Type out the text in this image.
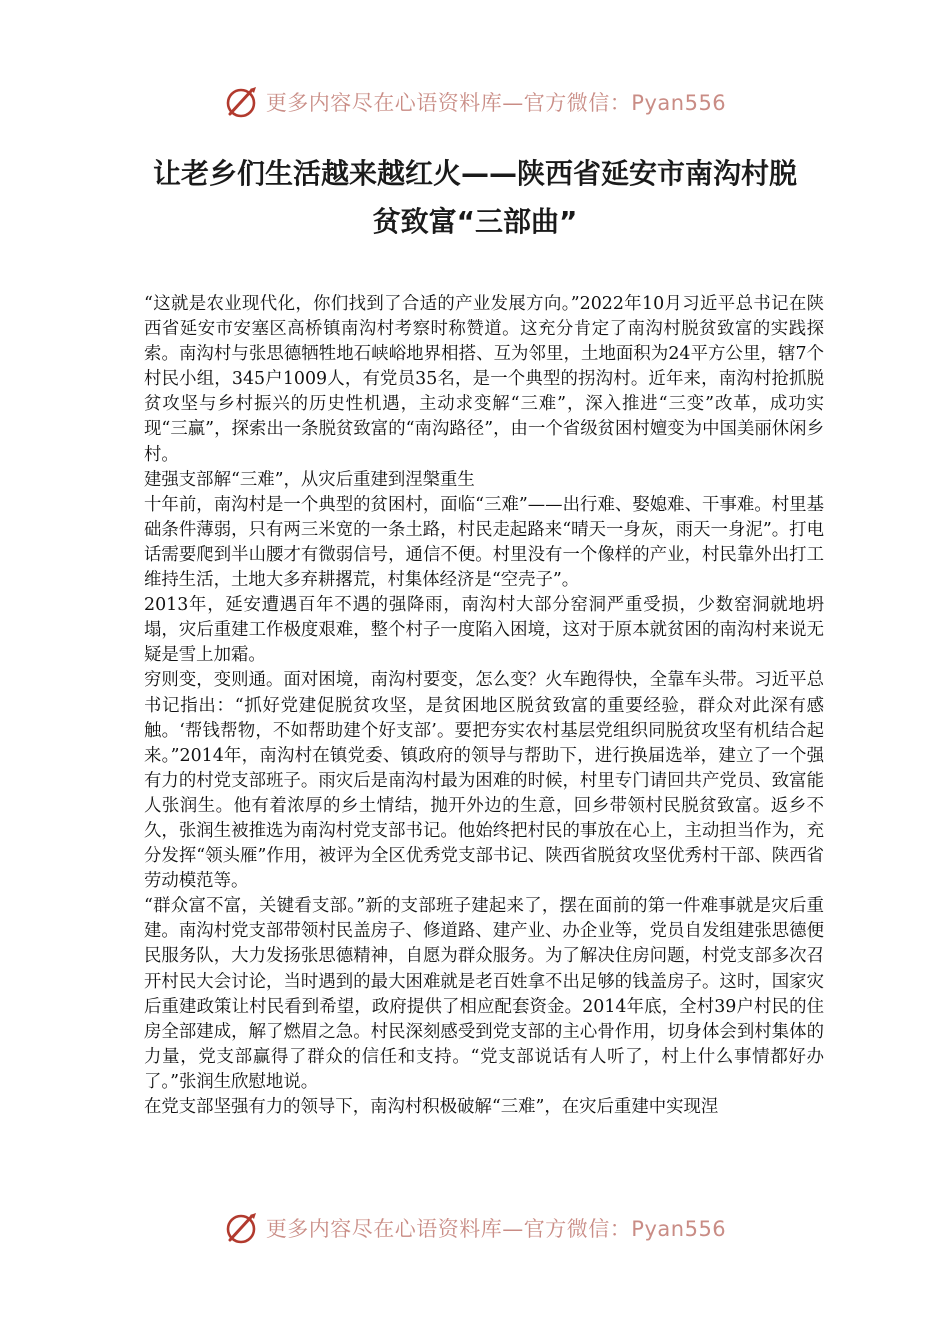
更多内容尽在心语资料库—官方微信：Pyan556
让老乡们生活越来越红火——陕西省延安市南沟村脱
贫致富“三部曲”

“这就是农业现代化，你们找到了合适的产业发展方向。”2022年10月习近平总书记在陕西省延安市安塞区高桥镇南沟村考察时称赞道。这充分肯定了南沟村脱贫致富的实践探索。南沟村与张思德牺牲地石峡峪地界相搭、互为邻里，土地面积为24平方公里，辖7个村民小组，345户1009人，有党员35名，是一个典型的拐沟村。近年来，南沟村抢抓脱贫攻坚与乡村振兴的历史性机遇，主动求变解“三难”，深入推进“三变”改革，成功实现“三赢”，探索出一条脱贫致富的“南沟路径”，由一个省级贫困村嬗变为中国美丽休闲乡村。

建强支部解“三难”，从灾后重建到涅槃重生

十年前，南沟村是一个典型的贫困村，面临“三难”——出行难、娶媳难、干事难。村里基础条件薄弱，只有两三米宽的一条土路，村民走起路来“晴天一身灰，雨天一身泥”。打电话需要爬到半山腰才有微弱信号，通信不便。村里没有一个像样的产业，村民靠外出打工维持生活，土地大多弃耕撂荒，村集体经济是“空壳子”。

2013年，延安遭遇百年不遇的强降雨，南沟村大部分窑洞严重受损，少数窑洞就地坍塌，灾后重建工作极度艰难，整个村子一度陷入困境，这对于原本就贫困的南沟村来说无疑是雪上加霜。

穷则变，变则通。面对困境，南沟村要变，怎么变？火车跑得快，全靠车头带。习近平总书记指出：“抓好党建促脱贫攻坚，是贫困地区脱贫致富的重要经验，群众对此深有感触。‘帮钱帮物，不如帮助建个好支部’。要把夯实农村基层党组织同脱贫攻坚有机结合起来。”2014年，南沟村在镇党委、镇政府的领导与帮助下，进行换届选举，建立了一个强有力的村党支部班子。雨灾后是南沟村最为困难的时候，村里专门请回共产党员、致富能人张润生。他有着浓厚的乡土情结，抛开外边的生意，回乡带领村民脱贫致富。返乡不久，张润生被推选为南沟村党支部书记。他始终把村民的事放在心上，主动担当作为，充分发挥“领头雁”作用，被评为全区优秀党支部书记、陕西省脱贫攻坚优秀村干部、陕西省劳动模范等。

“群众富不富，关键看支部。”新的支部班子建起来了，摆在面前的第一件难事就是灾后重建。南沟村党支部带领村民盖房子、修道路、建产业、办企业等，党员自发组建张思德便民服务队，大力发扬张思德精神，自愿为群众服务。为了解决住房问题，村党支部多次召开村民大会讨论，当时遇到的最大困难就是老百姓拿不出足够的钱盖房子。这时，国家灾后重建政策让村民看到希望，政府提供了相应配套资金。2014年底，全村39户村民的住房全部建成，解了燃眉之急。村民深刻感受到党支部的主心骨作用，切身体会到村集体的力量，党支部赢得了群众的信任和支持。“党支部说话有人听了，村上什么事情都好办了。”张润生欣慰地说。

在党支部坚强有力的领导下，南沟村积极破解“三难”，在灾后重建中实现涅

更多内容尽在心语资料库—官方微信：Pyan556
